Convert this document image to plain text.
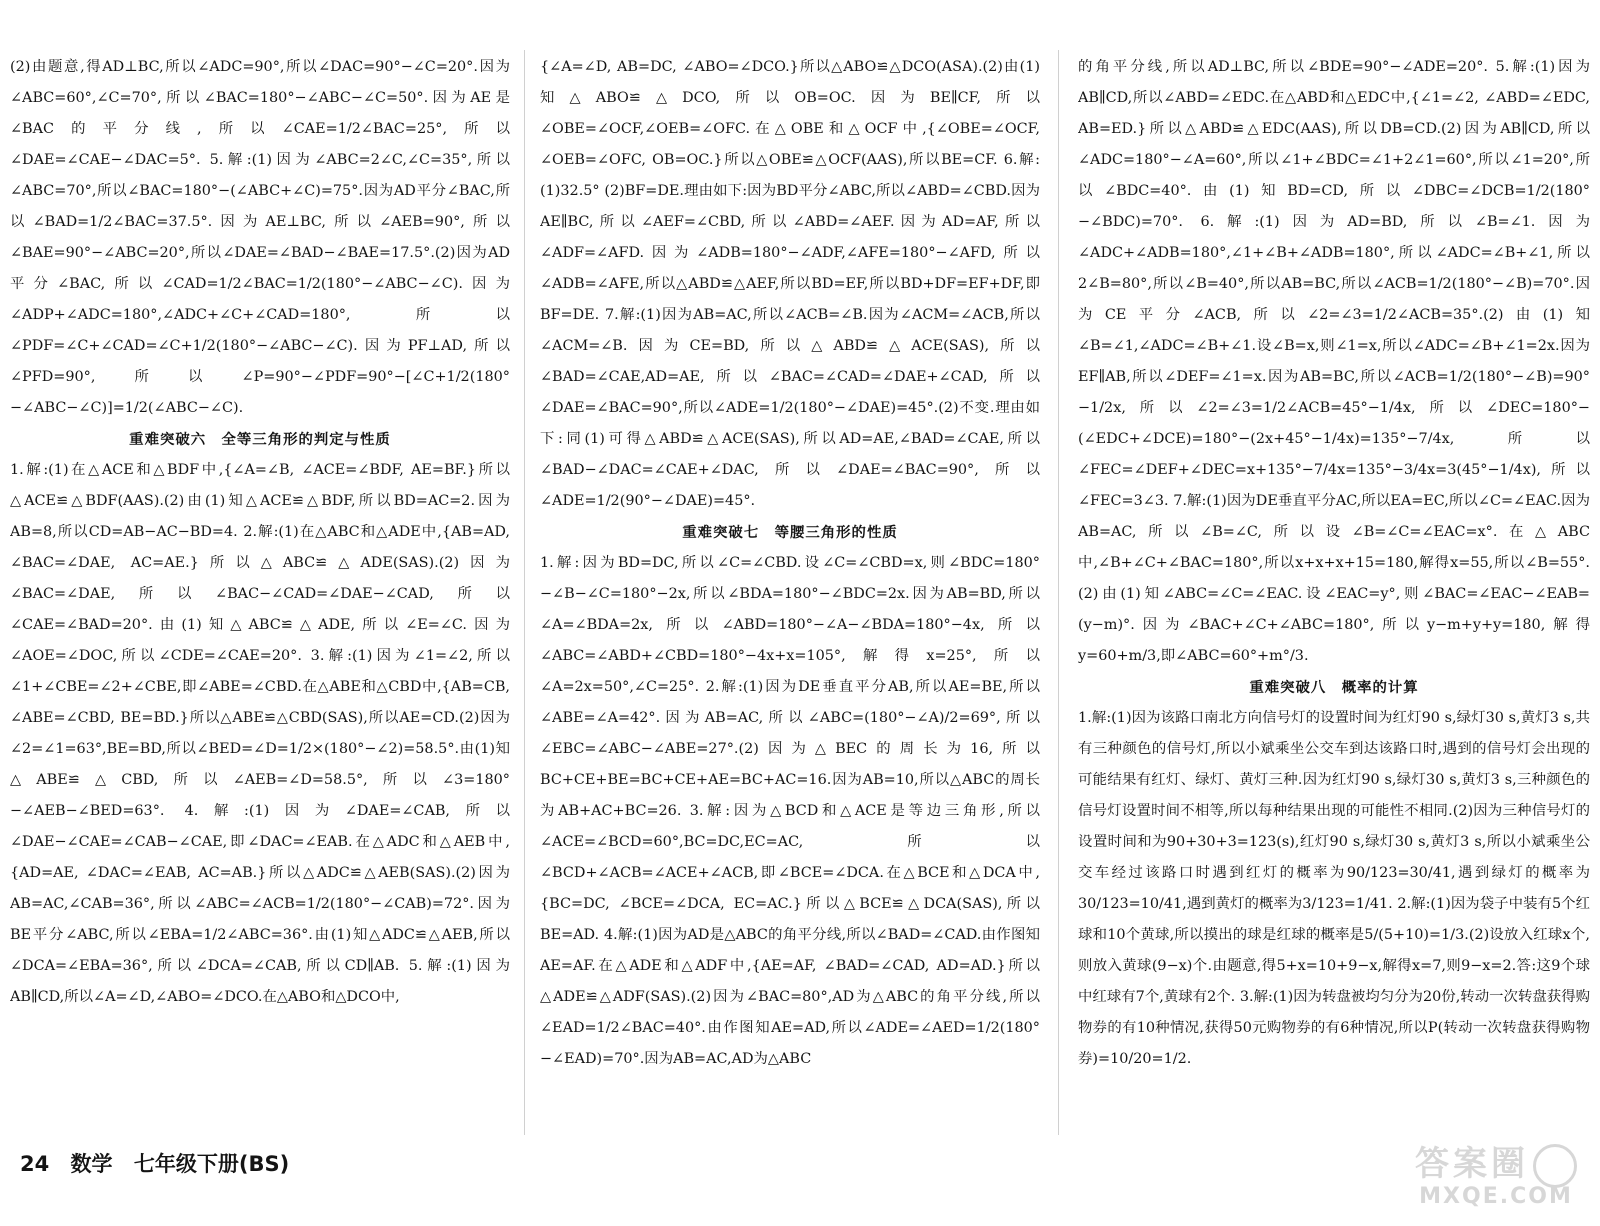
(2)由题意,得AD⊥BC,所以∠ADC=90°,所以∠DAC=90°−∠C=20°.因为∠ABC=60°,∠C=70°,所以∠BAC=180°−∠ABC−∠C=50°.因为AE是∠BAC的平分线,所以∠CAE=1/2∠BAC=25°,所以∠DAE=∠CAE−∠DAC=5°. 5.解:(1)因为∠ABC=2∠C,∠C=35°,所以∠ABC=70°,所以∠BAC=180°−(∠ABC+∠C)=75°.因为AD平分∠BAC,所以∠BAD=1/2∠BAC=37.5°.因为AE⊥BC,所以∠AEB=90°,所以∠BAE=90°−∠ABC=20°,所以∠DAE=∠BAD−∠BAE=17.5°.(2)因为AD平分∠BAC,所以∠CAD=1/2∠BAC=1/2(180°−∠ABC−∠C).因为∠ADP+∠ADC=180°,∠ADC+∠C+∠CAD=180°,所以∠PDF=∠C+∠CAD=∠C+1/2(180°−∠ABC−∠C).因为PF⊥AD,所以∠PFD=90°,所以∠P=90°−∠PDF=90°−[∠C+1/2(180°−∠ABC−∠C)]=1/2(∠ABC−∠C).

重难突破六　全等三角形的判定与性质

1.解:(1)在△ACE和△BDF中,{∠A=∠B, ∠ACE=∠BDF, AE=BF.}所以△ACE≌△BDF(AAS).(2)由(1)知△ACE≌△BDF,所以BD=AC=2.因为AB=8,所以CD=AB−AC−BD=4. 2.解:(1)在△ABC和△ADE中,{AB=AD, ∠BAC=∠DAE, AC=AE.}所以△ABC≌△ADE(SAS).(2)因为∠BAC=∠DAE,所以∠BAC−∠CAD=∠DAE−∠CAD,所以∠CAE=∠BAD=20°.由(1)知△ABC≌△ADE,所以∠E=∠C.因为∠AOE=∠DOC,所以∠CDE=∠CAE=20°. 3.解:(1)因为∠1=∠2,所以∠1+∠CBE=∠2+∠CBE,即∠ABE=∠CBD.在△ABE和△CBD中,{AB=CB, ∠ABE=∠CBD, BE=BD.}所以△ABE≌△CBD(SAS),所以AE=CD.(2)因为∠2=∠1=63°,BE=BD,所以∠BED=∠D=1/2×(180°−∠2)=58.5°.由(1)知△ABE≌△CBD,所以∠AEB=∠D=58.5°,所以∠3=180°−∠AEB−∠BED=63°. 4.解:(1)因为∠DAE=∠CAB,所以∠DAE−∠CAE=∠CAB−∠CAE,即∠DAC=∠EAB.在△ADC和△AEB中,{AD=AE, ∠DAC=∠EAB, AC=AB.}所以△ADC≌△AEB(SAS).(2)因为AB=AC,∠CAB=36°,所以∠ABC=∠ACB=1/2(180°−∠CAB)=72°.因为BE平分∠ABC,所以∠EBA=1/2∠ABC=36°.由(1)知△ADC≌△AEB,所以∠DCA=∠EBA=36°,所以∠DCA=∠CAB,所以CD∥AB. 5.解:(1)因为AB∥CD,所以∠A=∠D,∠ABO=∠DCO.在△ABO和△DCO中,

{∠A=∠D, AB=DC, ∠ABO=∠DCO.}所以△ABO≌△DCO(ASA).(2)由(1)知△ABO≌△DCO,所以OB=OC.因为BE∥CF,所以∠OBE=∠OCF,∠OEB=∠OFC.在△OBE和△OCF中,{∠OBE=∠OCF, ∠OEB=∠OFC, OB=OC.}所以△OBE≌△OCF(AAS),所以BE=CF. 6.解:(1)32.5° (2)BF=DE.理由如下:因为BD平分∠ABC,所以∠ABD=∠CBD.因为AE∥BC,所以∠AEF=∠CBD,所以∠ABD=∠AEF.因为AD=AF,所以∠ADF=∠AFD.因为∠ADB=180°−∠ADF,∠AFE=180°−∠AFD,所以∠ADB=∠AFE,所以△ABD≌△AEF,所以BD=EF,所以BD+DF=EF+DF,即BF=DE. 7.解:(1)因为AB=AC,所以∠ACB=∠B.因为∠ACM=∠ACB,所以∠ACM=∠B.因为CE=BD,所以△ABD≌△ACE(SAS),所以∠BAD=∠CAE,AD=AE,所以∠BAC=∠CAD=∠DAE+∠CAD,所以∠DAE=∠BAC=90°,所以∠ADE=1/2(180°−∠DAE)=45°.(2)不变.理由如下:同(1)可得△ABD≌△ACE(SAS),所以AD=AE,∠BAD=∠CAE,所以∠BAD−∠DAC=∠CAE+∠DAC,所以∠DAE=∠BAC=90°,所以∠ADE=1/2(90°−∠DAE)=45°.

重难突破七　等腰三角形的性质

1.解:因为BD=DC,所以∠C=∠CBD.设∠C=∠CBD=x,则∠BDC=180°−∠B−∠C=180°−2x,所以∠BDA=180°−∠BDC=2x.因为AB=BD,所以∠A=∠BDA=2x,所以∠ABD=180°−∠A−∠BDA=180°−4x,所以∠ABC=∠ABD+∠CBD=180°−4x+x=105°,解得x=25°,所以∠A=2x=50°,∠C=25°. 2.解:(1)因为DE垂直平分AB,所以AE=BE,所以∠ABE=∠A=42°.因为AB=AC,所以∠ABC=(180°−∠A)/2=69°,所以∠EBC=∠ABC−∠ABE=27°.(2)因为△BEC的周长为16,所以BC+CE+BE=BC+CE+AE=BC+AC=16.因为AB=10,所以△ABC的周长为AB+AC+BC=26. 3.解:因为△BCD和△ACE是等边三角形,所以∠ACE=∠BCD=60°,BC=DC,EC=AC,所以∠BCD+∠ACB=∠ACE+∠ACB,即∠BCE=∠DCA.在△BCE和△DCA中,{BC=DC, ∠BCE=∠DCA, EC=AC.}所以△BCE≌△DCA(SAS),所以BE=AD. 4.解:(1)因为AD是△ABC的角平分线,所以∠BAD=∠CAD.由作图知AE=AF.在△ADE和△ADF中,{AE=AF, ∠BAD=∠CAD, AD=AD.}所以△ADE≌△ADF(SAS).(2)因为∠BAC=80°,AD为△ABC的角平分线,所以∠EAD=1/2∠BAC=40°.由作图知AE=AD,所以∠ADE=∠AED=1/2(180°−∠EAD)=70°.因为AB=AC,AD为△ABC

的角平分线,所以AD⊥BC,所以∠BDE=90°−∠ADE=20°. 5.解:(1)因为AB∥CD,所以∠ABD=∠EDC.在△ABD和△EDC中,{∠1=∠2, ∠ABD=∠EDC, AB=ED.}所以△ABD≌△EDC(AAS),所以DB=CD.(2)因为AB∥CD,所以∠ADC=180°−∠A=60°,所以∠1+∠BDC=∠1+2∠1=60°,所以∠1=20°,所以∠BDC=40°.由(1)知BD=CD,所以∠DBC=∠DCB=1/2(180°−∠BDC)=70°. 6.解:(1)因为AD=BD,所以∠B=∠1.因为∠ADC+∠ADB=180°,∠1+∠B+∠ADB=180°,所以∠ADC=∠B+∠1,所以2∠B=80°,所以∠B=40°,所以AB=BC,所以∠ACB=1/2(180°−∠B)=70°.因为CE平分∠ACB,所以∠2=∠3=1/2∠ACB=35°.(2)由(1)知∠B=∠1,∠ADC=∠B+∠1.设∠B=x,则∠1=x,所以∠ADC=∠B+∠1=2x.因为EF∥AB,所以∠DEF=∠1=x.因为AB=BC,所以∠ACB=1/2(180°−∠B)=90°−1/2x,所以∠2=∠3=1/2∠ACB=45°−1/4x,所以∠DEC=180°−(∠EDC+∠DCE)=180°−(2x+45°−1/4x)=135°−7/4x,所以∠FEC=∠DEF+∠DEC=x+135°−7/4x=135°−3/4x=3(45°−1/4x),所以∠FEC=3∠3. 7.解:(1)因为DE垂直平分AC,所以EA=EC,所以∠C=∠EAC.因为AB=AC,所以∠B=∠C,所以设∠B=∠C=∠EAC=x°.在△ABC中,∠B+∠C+∠BAC=180°,所以x+x+x+15=180,解得x=55,所以∠B=55°.(2)由(1)知∠ABC=∠C=∠EAC.设∠EAC=y°,则∠BAC=∠EAC−∠EAB=(y−m)°.因为∠BAC+∠C+∠ABC=180°,所以y−m+y+y=180,解得y=60+m/3,即∠ABC=60°+m°/3.

重难突破八　概率的计算

1.解:(1)因为该路口南北方向信号灯的设置时间为红灯90 s,绿灯30 s,黄灯3 s,共有三种颜色的信号灯,所以小斌乘坐公交车到达该路口时,遇到的信号灯会出现的可能结果有红灯、绿灯、黄灯三种.因为红灯90 s,绿灯30 s,黄灯3 s,三种颜色的信号灯设置时间不相等,所以每种结果出现的可能性不相同.(2)因为三种信号灯的设置时间和为90+30+3=123(s),红灯90 s,绿灯30 s,黄灯3 s,所以小斌乘坐公交车经过该路口时遇到红灯的概率为90/123=30/41,遇到绿灯的概率为30/123=10/41,遇到黄灯的概率为3/123=1/41. 2.解:(1)因为袋子中装有5个红球和10个黄球,所以摸出的球是红球的概率是5/(5+10)=1/3.(2)设放入红球x个,则放入黄球(9−x)个.由题意,得5+x=10+9−x,解得x=7,则9−x=2.答:这9个球中红球有7个,黄球有2个. 3.解:(1)因为转盘被均匀分为20份,转动一次转盘获得购物券的有10种情况,获得50元购物券的有6种情况,所以P(转动一次转盘获得购物券)=10/20=1/2.

24 数学 七年级下册(BS)	答案圈
MXQE.COM
